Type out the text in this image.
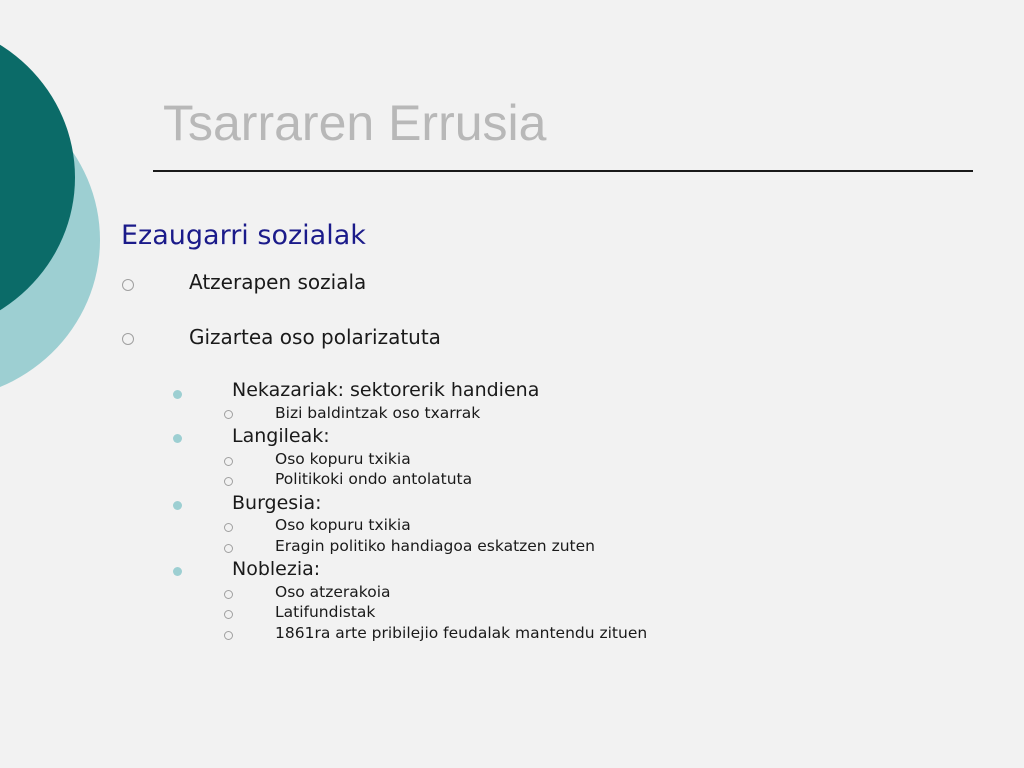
Tsarraren Errusia
Ezaugarri sozialak
Atzerapen soziala
Gizartea oso polarizatuta
Nekazariak: sektorerik handiena
Bizi baldintzak oso txarrak
Langileak:
Oso kopuru txikia
Politikoki ondo antolatuta
Burgesia:
Oso kopuru txikia
Eragin politiko handiagoa eskatzen zuten
Noblezia:
Oso atzerakoia
Latifundistak
1861ra arte pribilejio feudalak mantendu zituen
